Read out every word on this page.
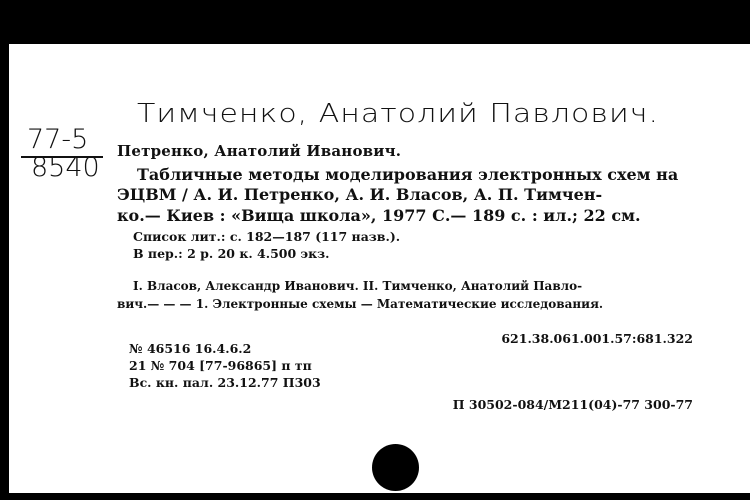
Тимченко, Анатолий Павлович.
77-5
8540
Петренко, Анатолий Иванович.
Табличные методы моделирования электронных схем на
ЭЦВМ / А. И. Петренко, А. И. Власов, А. П. Тимчен-
ко.— Киев : «Вища школа», 1977 С.— 189 с. : ил.; 22 см.
Список лит.: с. 182—187 (117 назв.).
В пер.: 2 р. 20 к. 4.500 экз.
I. Власов, Александр Иванович. II. Тимченко, Анатолий Павло-
вич.— — — 1. Электронные схемы — Математические исследования.
621.38.061.001.57:681.322
№ 46516 16.4.6.2
21 № 704 [77-96865] п тп
Вс. кн. пал. 23.12.77 П303
П 30502-084/М211(04)-77 300-77
